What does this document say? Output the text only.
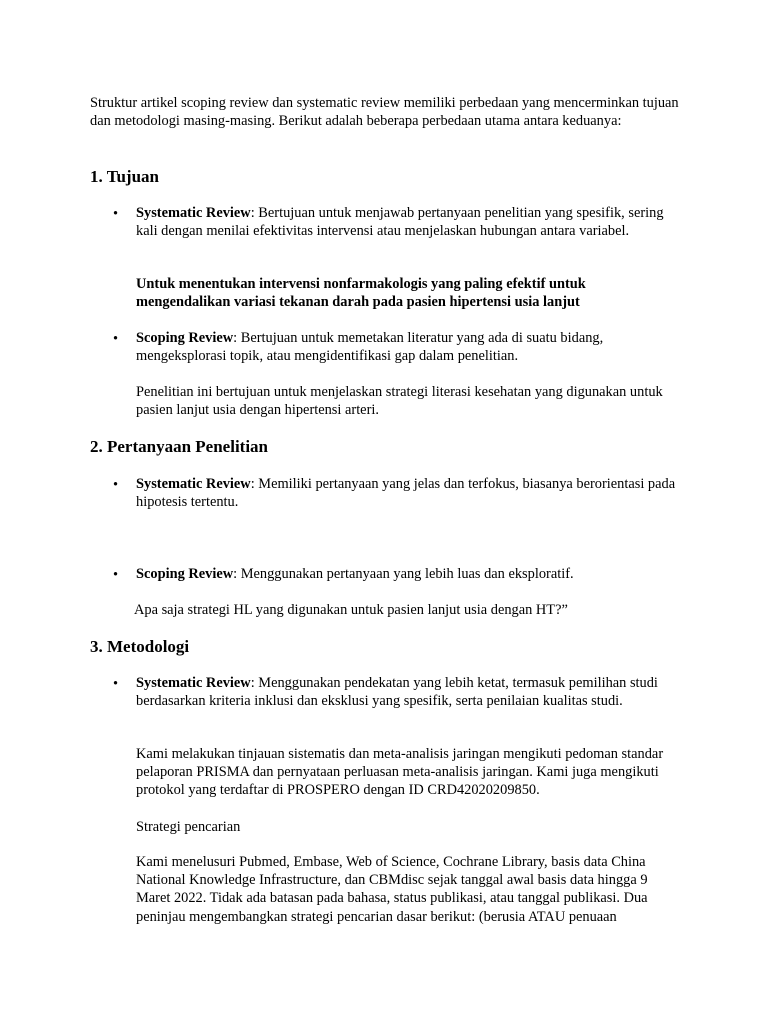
Struktur artikel scoping review dan systematic review memiliki perbedaan yang mencerminkan tujuan dan metodologi masing-masing. Berikut adalah beberapa perbedaan utama antara keduanya:

1. Tujuan
• Systematic Review: Bertujuan untuk menjawab pertanyaan penelitian yang spesifik, sering kali dengan menilai efektivitas intervensi atau menjelaskan hubungan antara variabel.

Untuk menentukan intervensi nonfarmakologis yang paling efektif untuk mengendalikan variasi tekanan darah pada pasien hipertensi usia lanjut

• Scoping Review: Bertujuan untuk memetakan literatur yang ada di suatu bidang, mengeksplorasi topik, atau mengidentifikasi gap dalam penelitian.

Penelitian ini bertujuan untuk menjelaskan strategi literasi kesehatan yang digunakan untuk pasien lanjut usia dengan hipertensi arteri.

2. Pertanyaan Penelitian
• Systematic Review: Memiliki pertanyaan yang jelas dan terfokus, biasanya berorientasi pada hipotesis tertentu.

• Scoping Review: Menggunakan pertanyaan yang lebih luas dan eksploratif.

Apa saja strategi HL yang digunakan untuk pasien lanjut usia dengan HT?”

3. Metodologi
• Systematic Review: Menggunakan pendekatan yang lebih ketat, termasuk pemilihan studi berdasarkan kriteria inklusi dan eksklusi yang spesifik, serta penilaian kualitas studi.

Kami melakukan tinjauan sistematis dan meta-analisis jaringan mengikuti pedoman standar pelaporan PRISMA dan pernyataan perluasan meta-analisis jaringan. Kami juga mengikuti protokol yang terdaftar di PROSPERO dengan ID CRD42020209850.

Strategi pencarian

Kami menelusuri Pubmed, Embase, Web of Science, Cochrane Library, basis data China National Knowledge Infrastructure, dan CBMdisc sejak tanggal awal basis data hingga 9 Maret 2022. Tidak ada batasan pada bahasa, status publikasi, atau tanggal publikasi. Dua peninjau mengembangkan strategi pencarian dasar berikut: (berusia ATAU penuaan
